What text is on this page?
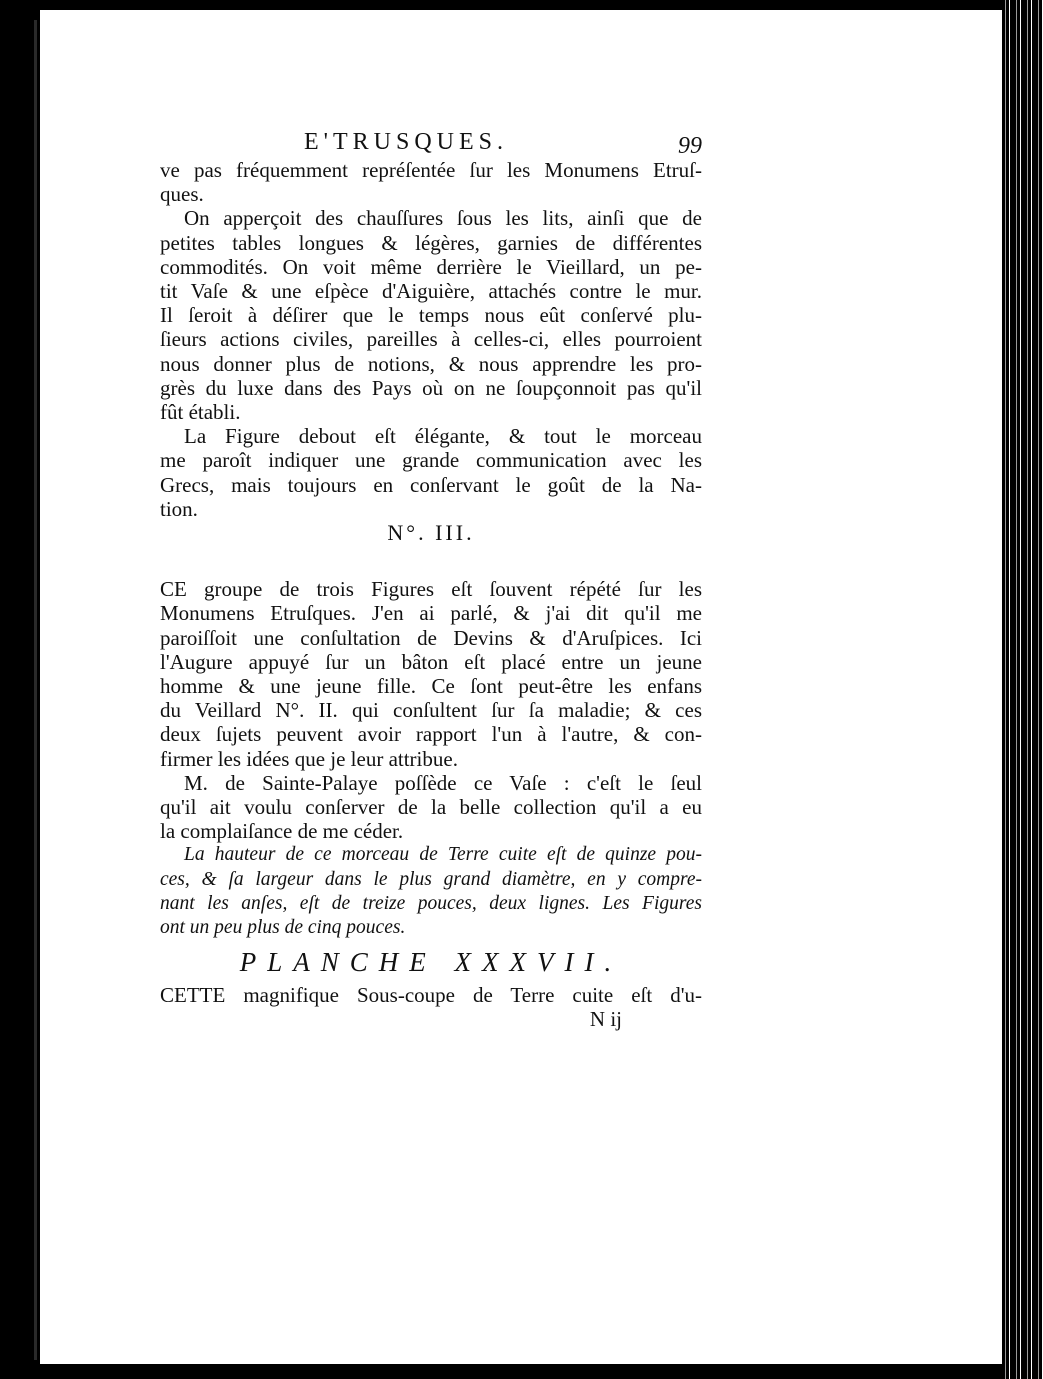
E'TRUSQUES.	99
ve pas fréquemment repréſentée ſur les Monumens Etruſ-
ques.
On apperçoit des chauſſures ſous les lits, ainſi que de
petites tables longues & légères, garnies de différentes
commodités. On voit même derrière le Vieillard, un pe-
tit Vaſe & une eſpèce d'Aiguière, attachés contre le mur.
Il ſeroit à déſirer que le temps nous eût conſervé plu-
ſieurs actions civiles, pareilles à celles-ci, elles pourroient
nous donner plus de notions, & nous apprendre les pro-
grès du luxe dans des Pays où on ne ſoupçonnoit pas qu'il
fût établi.
La Figure debout eſt élégante, & tout le morceau
me paroît indiquer une grande communication avec les
Grecs, mais toujours en conſervant le goût de la Na-
tion.
N°. III.
CE groupe de trois Figures eſt ſouvent répété ſur les
Monumens Etruſques. J'en ai parlé, & j'ai dit qu'il me
paroiſſoit une conſultation de Devins & d'Aruſpices. Ici
l'Augure appuyé ſur un bâton eſt placé entre un jeune
homme & une jeune fille. Ce ſont peut-être les enfans
du Veillard N°. II. qui conſultent ſur ſa maladie; & ces
deux ſujets peuvent avoir rapport l'un à l'autre, & con-
firmer les idées que je leur attribue.
M. de Sainte-Palaye poſſède ce Vaſe : c'eſt le ſeul
qu'il ait voulu conſerver de la belle collection qu'il a eu
la complaiſance de me céder.
La hauteur de ce morceau de Terre cuite eſt de quinze pou-
ces, & ſa largeur dans le plus grand diamètre, en y compre-
nant les anſes, eſt de treize pouces, deux lignes. Les Figures
ont un peu plus de cinq pouces.
PLANCHE XXXVII.
CETTE magnifique Sous-coupe de Terre cuite eſt d'u-
N ij
